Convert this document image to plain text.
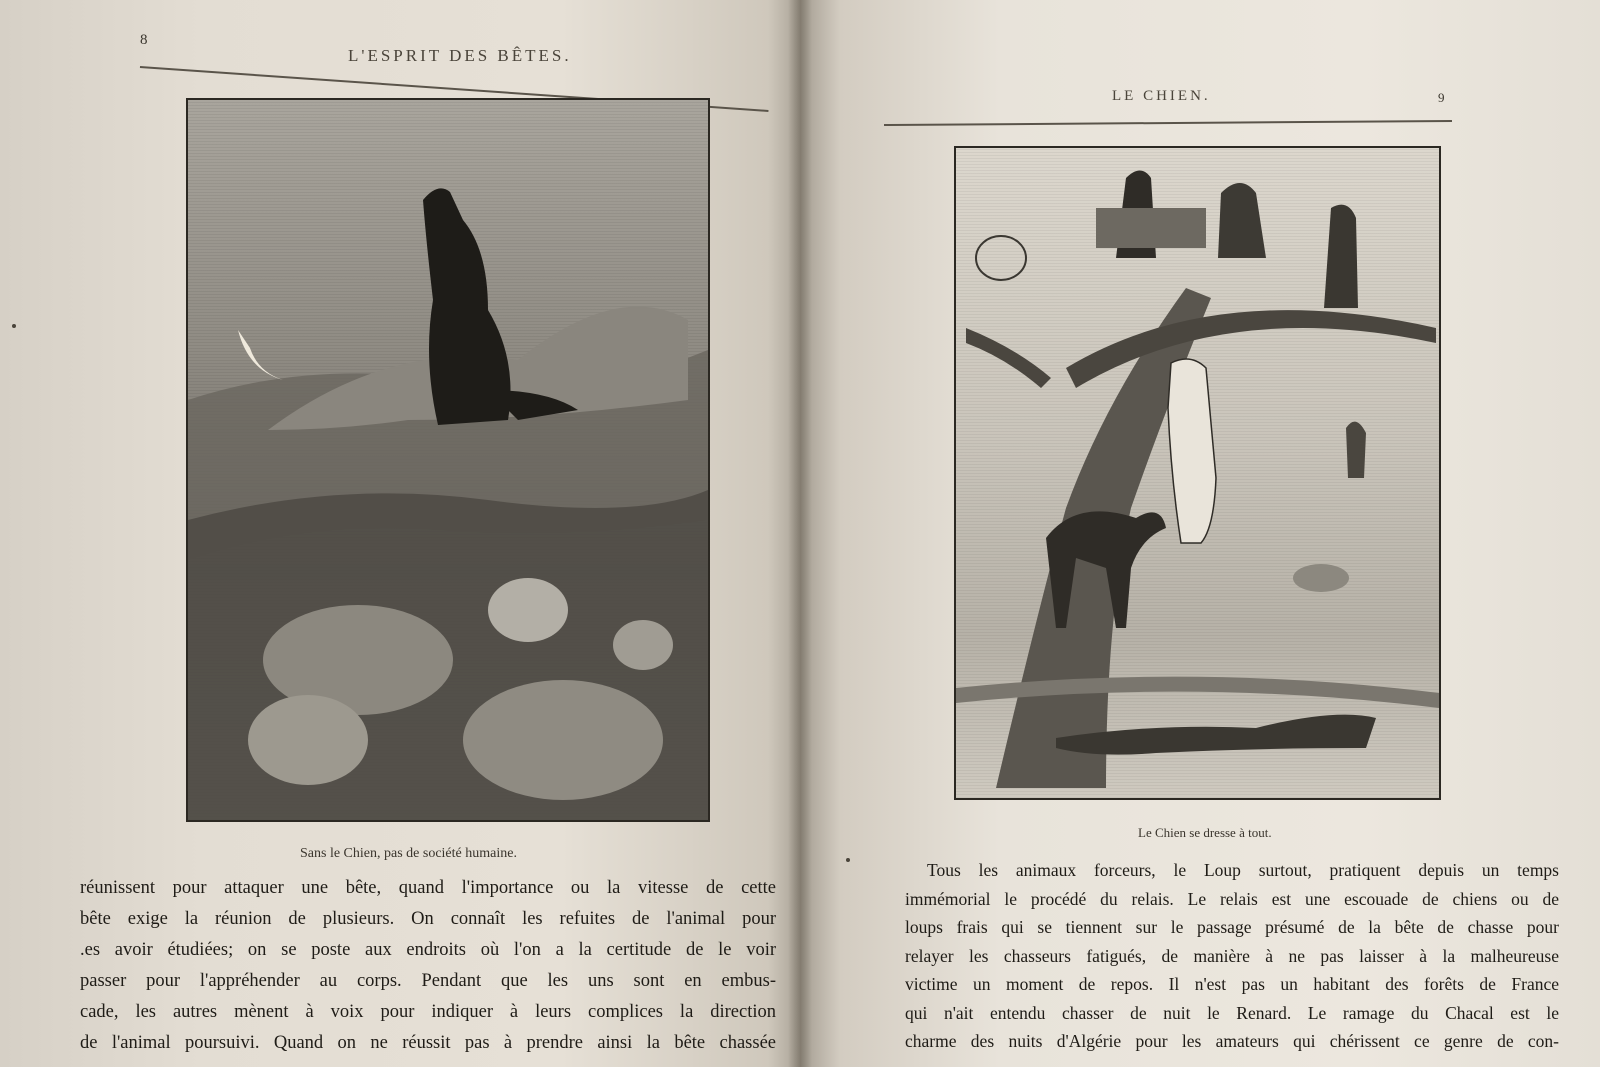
8
L'ESPRIT DES BÊTES.
Sans le Chien, pas de société humaine.
réunissent pour attaquer une bête, quand l'importance ou la vitesse de cette
bête exige la réunion de plusieurs. On connaît les refuites de l'animal pour
.es avoir étudiées; on se poste aux endroits où l'on a la certitude de le voir
passer pour l'appréhender au corps. Pendant que les uns sont en embus-
cade, les autres mènent à voix pour indiquer à leurs complices la direction
de l'animal poursuivi. Quand on ne réussit pas à prendre ainsi la bête chassée
LE CHIEN.	9
Le Chien se dresse à tout.
Tous les animaux forceurs, le Loup surtout, pratiquent depuis un temps
immémorial le procédé du relais. Le relais est une escouade de chiens ou de
loups frais qui se tiennent sur le passage présumé de la bête de chasse pour
relayer les chasseurs fatigués, de manière à ne pas laisser à la malheureuse
victime un moment de repos. Il n'est pas un habitant des forêts de France
qui n'ait entendu chasser de nuit le Renard. Le ramage du Chacal est le
charme des nuits d'Algérie pour les amateurs qui chérissent ce genre de con-
